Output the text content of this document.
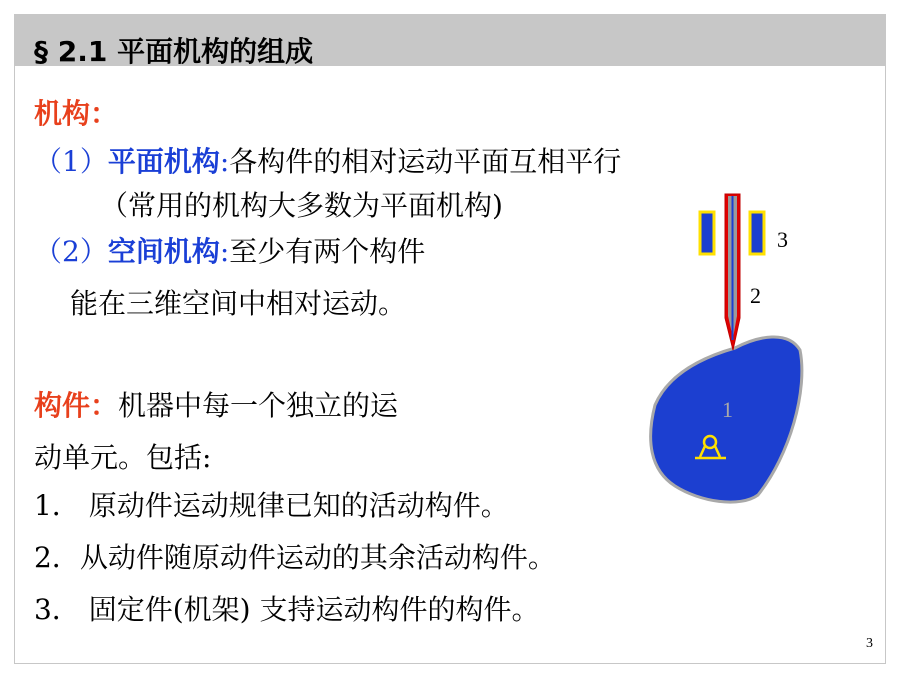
§ 2.1 平面机构的组成
机构：
（1）平面机构:各构件的相对运动平面互相平行
（常用的机构大多数为平面机构)
（2）空间机构:至少有两个构件
能在三维空间中相对运动。
构件：机器中每一个独立的运
动单元。包括:
1． 原动件运动规律已知的活动构件。
2．从动件随原动件运动的其余活动构件。
3． 固定件(机架) 支持运动构件的构件。
3
2
1
3
